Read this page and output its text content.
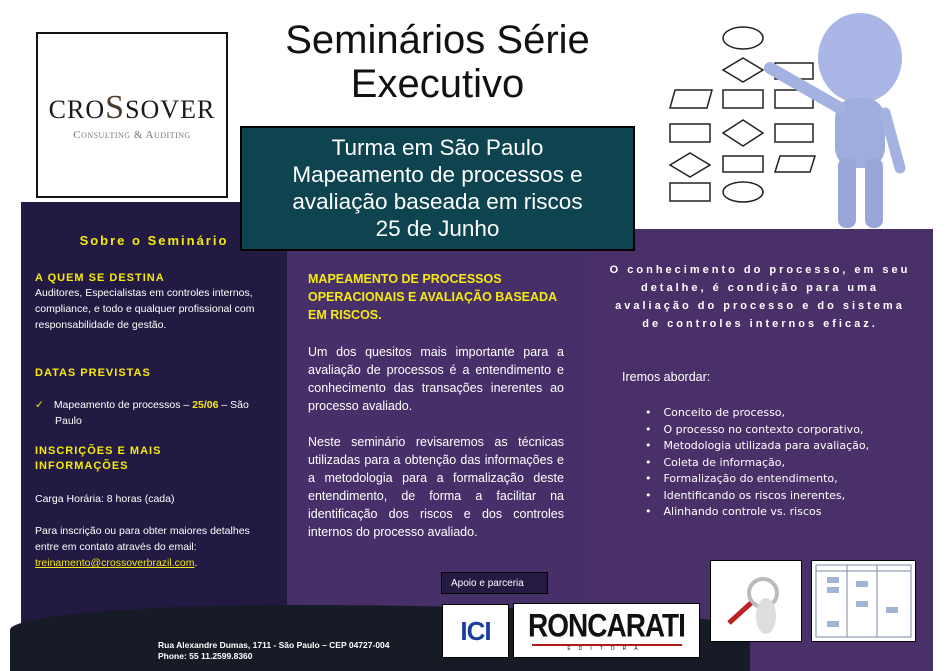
CROSSOVER
Consulting & Auditing
Seminários Série
Executivo
Turma em São Paulo
Mapeamento de processos e
avaliação baseada em riscos
25 de Junho
Sobre o Seminário
A QUEM SE DESTINA
Auditores, Especialistas em controles internos, compliance, e todo e qualquer profissional com responsabilidade de gestão.
DATAS PREVISTAS
✓ Mapeamento de processos – 25/06 – São Paulo
INSCRIÇÕES E MAIS INFORMAÇÕES
Carga Horária: 8 horas (cada)
Para inscrição ou para obter maiores detalhes entre em contato através do email: treinamento@crossoverbrazil.com.
MAPEAMENTO DE PROCESSOS OPERACIONAIS E AVALIAÇÃO BASEADA EM RISCOS.
Um dos quesitos mais importante para a avaliação de processos é a entendimento e conhecimento das transações inerentes ao processo avaliado.
Neste seminário revisaremos as técnicas utilizadas para a obtenção das informações e a metodologia para a formalização deste entendimento, de forma a facilitar na identificação dos riscos e dos controles internos do processo avaliado.
O conhecimento do processo, em seu detalhe, é condição para uma avaliação do processo e do sistema de controles internos eficaz.
Iremos abordar:
• Conceito de processo,
• O processo no contexto corporativo,
• Metodologia utilizada para avaliação,
• Coleta de informação,
• Formalização do entendimento,
• Identificando os riscos inerentes,
• Alinhando controle vs. riscos
Apoio e parceria
ICI RONCARATI
EDITORA
Rua Alexandre Dumas, 1711 - São Paulo – CEP 04727-004
Phone: 55 11.2599.8360
